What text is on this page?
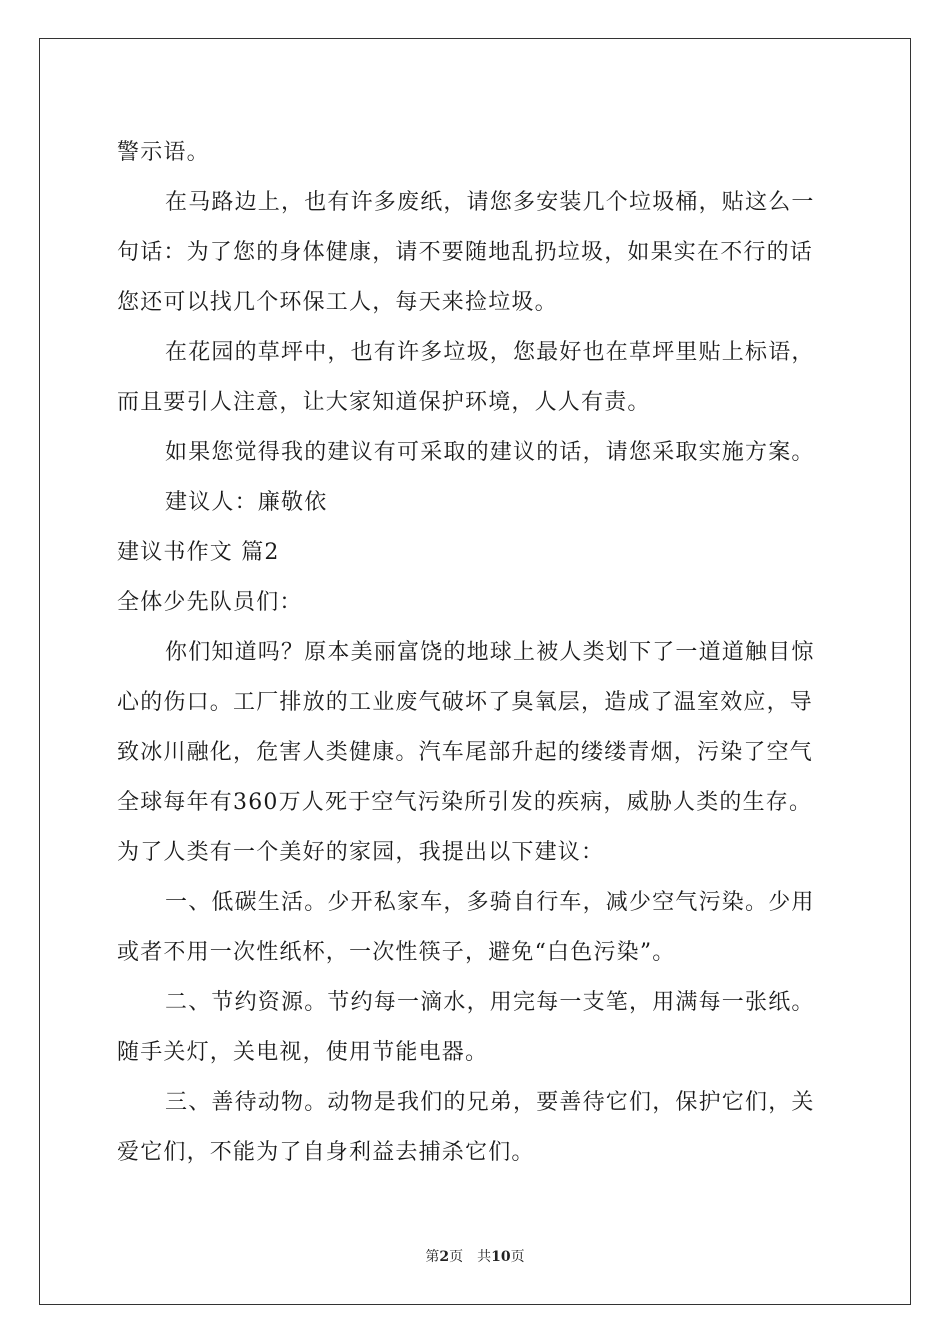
警示语。
在马路边上，也有许多废纸，请您多安装几个垃圾桶，贴这么一
句话：为了您的身体健康，请不要随地乱扔垃圾，如果实在不行的话
您还可以找几个环保工人，每天来捡垃圾。
在花园的草坪中，也有许多垃圾，您最好也在草坪里贴上标语，
而且要引人注意，让大家知道保护环境，人人有责。
如果您觉得我的建议有可采取的建议的话，请您采取实施方案。
建议人：廉敬依
建议书作文 篇2
全体少先队员们：
你们知道吗？原本美丽富饶的地球上被人类划下了一道道触目惊
心的伤口。工厂排放的工业废气破坏了臭氧层，造成了温室效应，导
致冰川融化，危害人类健康。汽车尾部升起的缕缕青烟，污染了空气
全球每年有360万人死于空气污染所引发的疾病，威胁人类的生存。
为了人类有一个美好的家园，我提出以下建议：
一、低碳生活。少开私家车，多骑自行车，减少空气污染。少用
或者不用一次性纸杯，一次性筷子，避免“白色污染”。
二、节约资源。节约每一滴水，用完每一支笔，用满每一张纸。
随手关灯，关电视，使用节能电器。
三、善待动物。动物是我们的兄弟，要善待它们，保护它们，关
爱它们，不能为了自身利益去捕杀它们。
第2页 共10页
